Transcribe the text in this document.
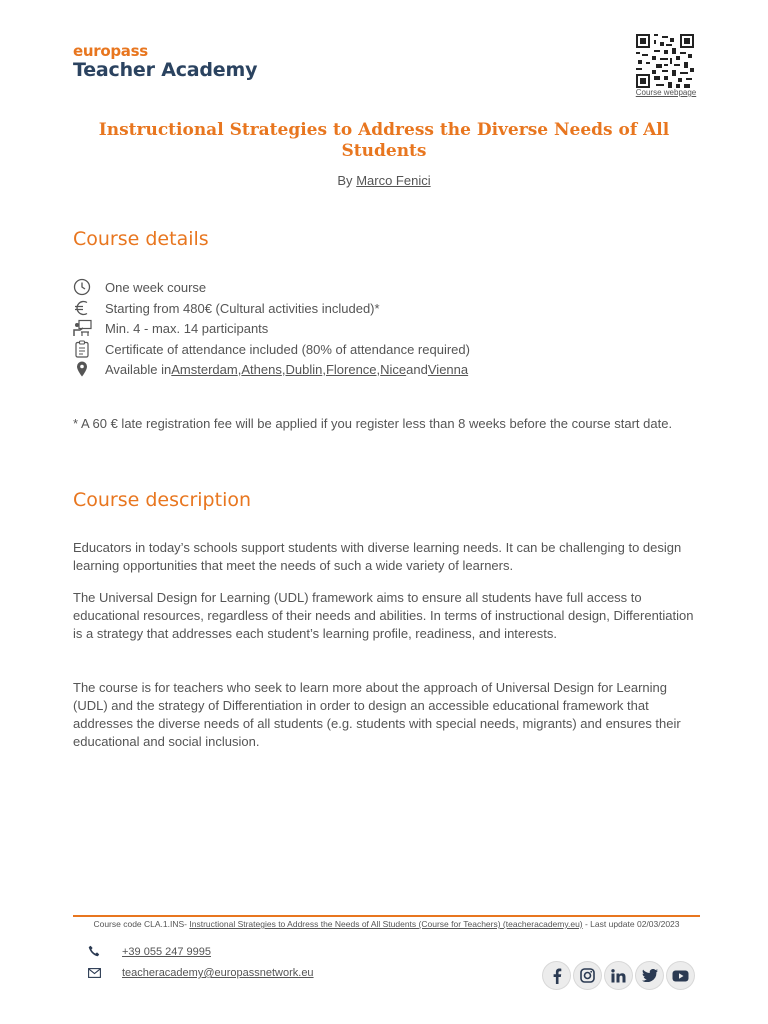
europass
Teacher Academy
Course webpage
Instructional Strategies to Address the Diverse Needs of All Students
By Marco Fenici
Course details
One week course
Starting from 480€ (Cultural activities included)*
Min. 4 - max. 14 participants
Certificate of attendance included (80% of attendance required)
Available in Amsterdam , Athens , Dublin , Florence , Nice and Vienna
* A 60 € late registration fee will be applied if you register less than 8 weeks before the course start date.
Course description
Educators in today’s schools support students with diverse learning needs. It can be challenging to design learning opportunities that meet the needs of such a wide variety of learners.
The Universal Design for Learning (UDL) framework aims to ensure all students have full access to educational resources, regardless of their needs and abilities. In terms of instructional design, Differentiation is a strategy that addresses each student’s learning profile, readiness, and interests.
The course is for teachers who seek to learn more about the approach of Universal Design for Learning (UDL) and the strategy of Differentiation in order to design an accessible educational framework that addresses the diverse needs of all students (e.g. students with special needs, migrants) and ensures their educational and social inclusion.
Course code CLA.1.INS- Instructional Strategies to Address the Needs of All Students (Course for Teachers) (teacheracademy.eu) - Last update 02/03/2023
+39 055 247 9995
teacheracademy@europassnetwork.eu
